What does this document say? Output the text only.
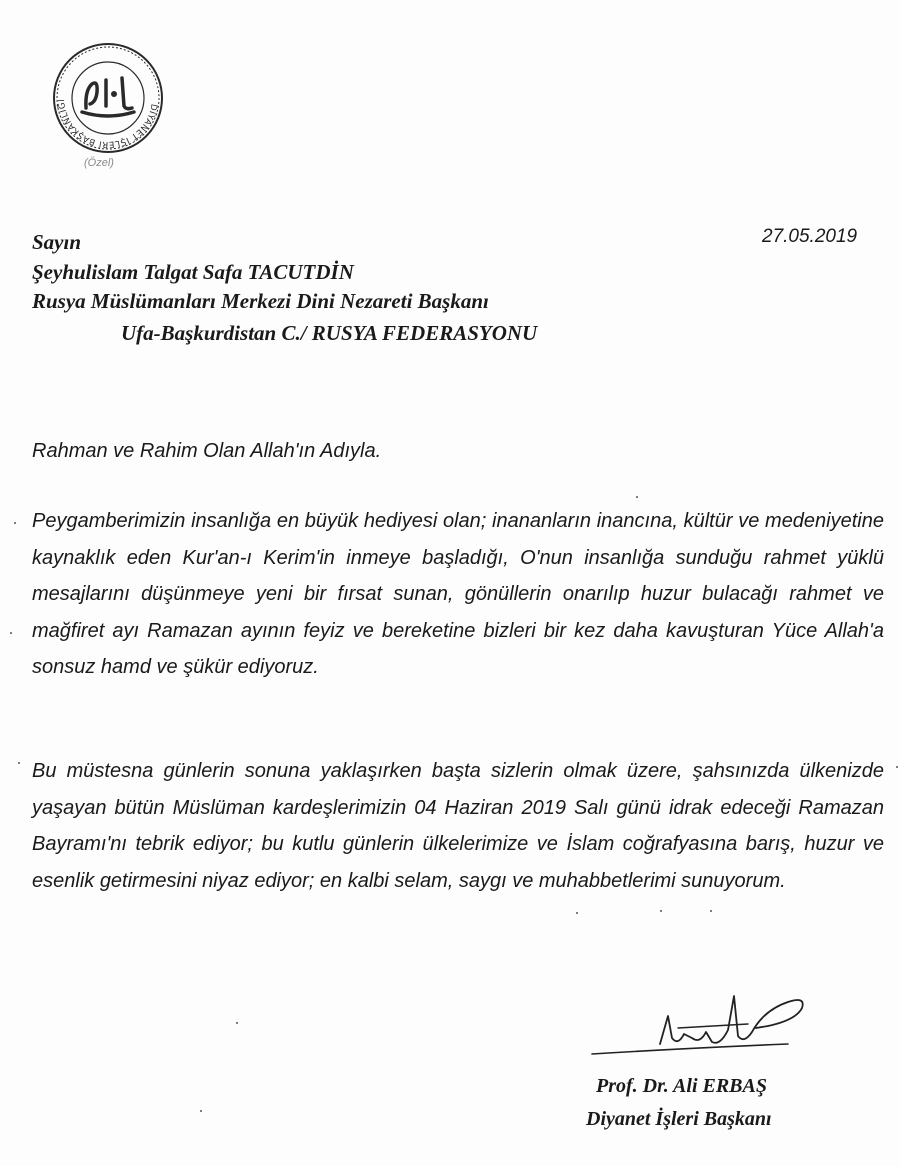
DİYANET İŞLERİ BAŞKANLIĞI
(Özel)
27.05.2019
Sayın
Şeyhulislam Talgat Safa TACUTDİN
Rusya Müslümanları Merkezi Dini Nezareti Başkanı
Ufa-Başkurdistan C./ RUSYA FEDERASYONU
Rahman ve Rahim Olan Allah'ın Adıyla.
Peygamberimizin insanlığa en büyük hediyesi olan; inananların inancına, kültür ve medeniyetine kaynaklık eden Kur'an-ı Kerim'in inmeye başladığı, O'nun insanlığa sunduğu rahmet yüklü mesajlarını düşünmeye yeni bir fırsat sunan, gönüllerin onarılıp huzur bulacağı rahmet ve mağfiret ayı Ramazan ayının feyiz ve bereketine bizleri bir kez daha kavuşturan Yüce Allah'a sonsuz hamd ve şükür ediyoruz.
Bu müstesna günlerin sonuna yaklaşırken başta sizlerin olmak üzere, şahsınızda ülkenizde yaşayan bütün Müslüman kardeşlerimizin 04 Haziran 2019 Salı günü idrak edeceği Ramazan Bayramı'nı tebrik ediyor; bu kutlu günlerin ülkelerimize ve İslam coğrafyasına barış, huzur ve esenlik getirmesini niyaz ediyor; en kalbi selam, saygı ve muhabbetlerimi sunuyorum.
Prof. Dr. Ali ERBAŞ
Diyanet İşleri Başkanı
